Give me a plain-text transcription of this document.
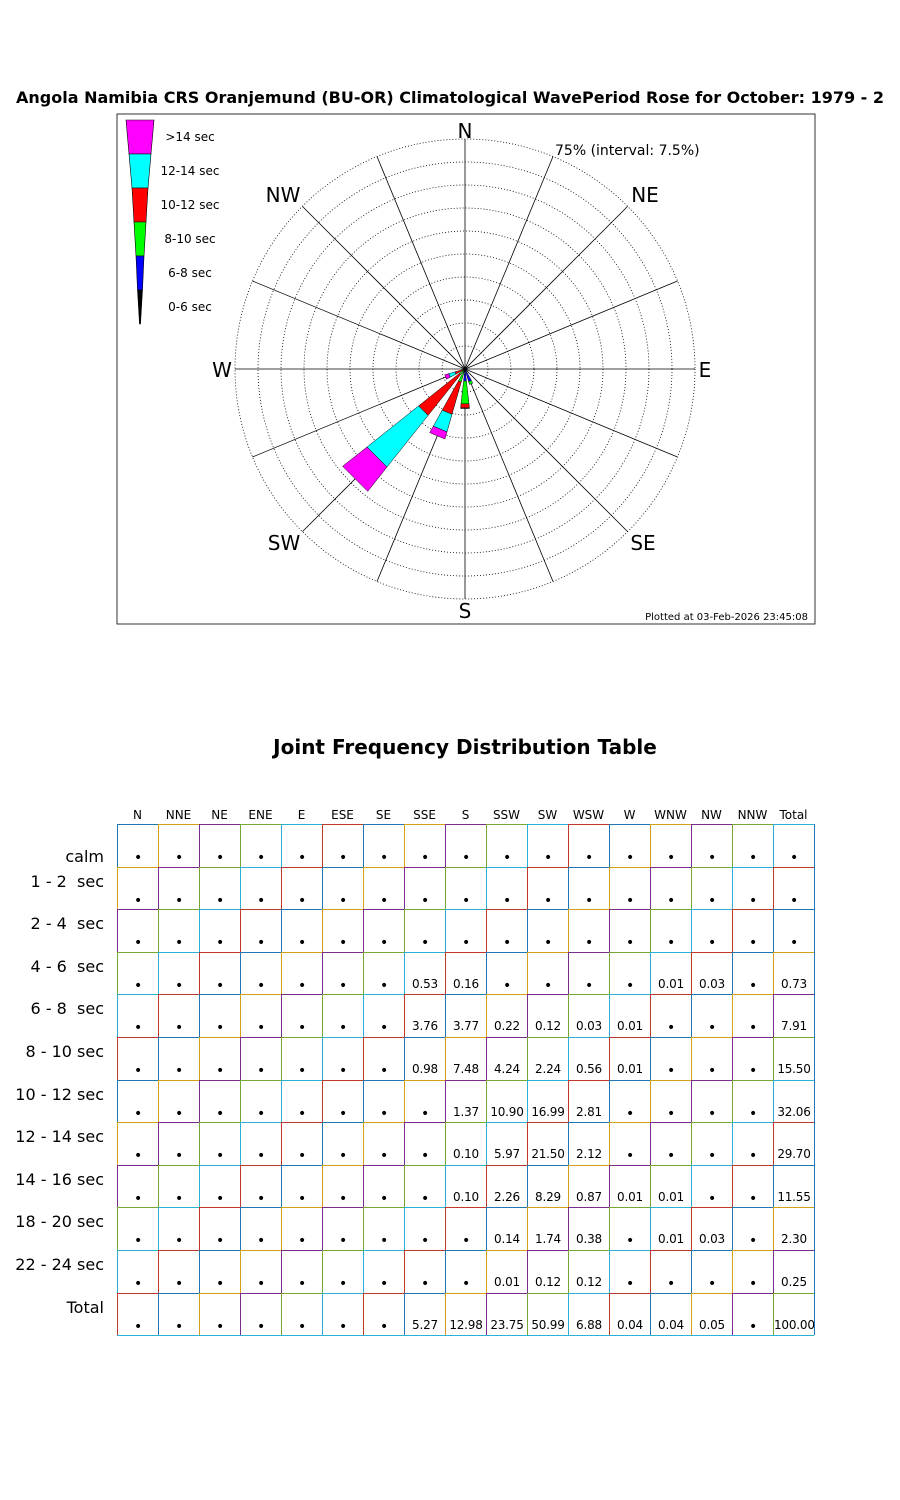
Angola Namibia CRS Oranjemund (BU-OR) Climatological WavePeriod Rose for October: 1979 - 2
N
NE
E
SE
S
SW
W
NW
75% (interval: 7.5%)
Plotted at 03-Feb-2026 23:45:08
>14 sec
12-14 sec
10-12 sec
8-10 sec
6-8 sec
0-6 sec
Joint Frequency Distribution Table
N	NNE	NE	ENE	E	ESE	SE	SSE	S	SSW	SW	WSW	W	WNW	NW	NNW	Total
calm	•	•	•	•	•	•	•	•	•	•	•	•	•	•	•	•	•
1 - 2  sec
•	•	•	•	•	•	•	•	•	•	•	•	•	•	•	•	•
2 - 4  sec
•	•	•	•	•	•	•	•	•	•	•	•	•	•	•	•	•
4 - 6  sec
•	•	•	•	•	•	•	0.53	0.16	•	•	•	•	0.01	0.03	•	0.73
6 - 8  sec
•	•	•	•	•	•	•	3.76	3.77	0.22	0.12	0.03	0.01	•	•	•	7.91
8 - 10 sec
•	•	•	•	•	•	•	0.98	7.48	4.24	2.24	0.56	0.01	•	•	•	15.50
10 - 12 sec
•	•	•	•	•	•	•	•	1.37 10.90 16.99 2.81	•	•	•	•	32.06
12 - 14 sec
•	•	•	•	•	•	•	•	0.10	5.97 21.50 2.12	•	•	•	•	29.70
14 - 16 sec
•	•	•	•	•	•	•	•	0.10	2.26	8.29	0.87	0.01	0.01	•	•	11.55
18 - 20 sec
•	•	•	•	•	•	•	•	•	0.14	1.74	0.38	•	0.01	0.03	•	2.30
22 - 24 sec
•	•	•	•	•	•	•	•	•	0.01	0.12	0.12	•	•	•	•	0.25
Total
•	•	•	•	•	•	•	5.27 12.98 23.75 50.99 6.88	0.04	0.04	0.05	•	100.00
